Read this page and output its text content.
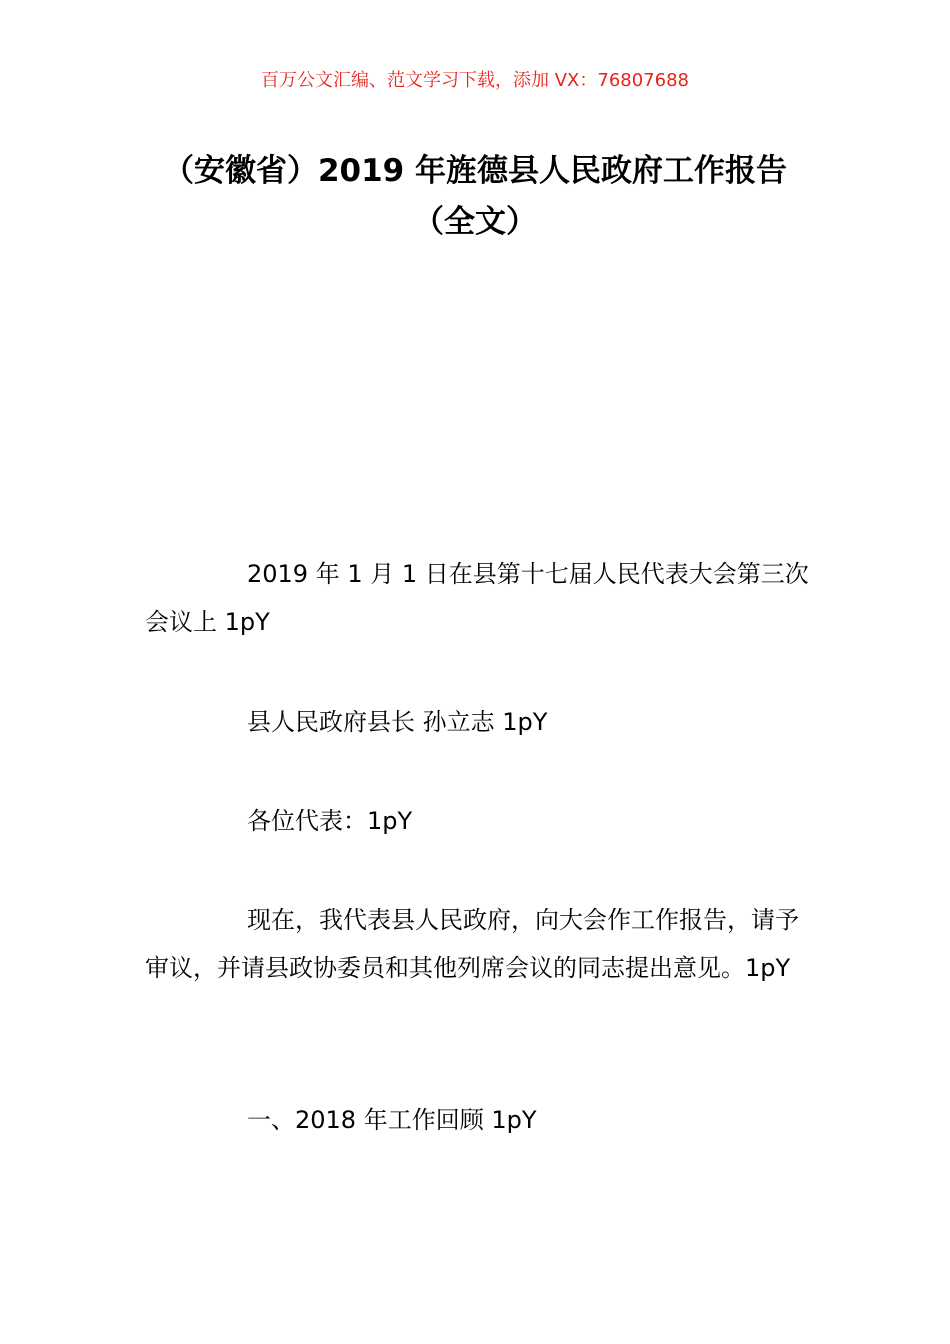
百万公文汇编、范文学习下载，添加 VX：76807688
（安徽省）2019 年旌德县人民政府工作报告（全文）

2019 年 1 月 1 日在县第十七届人民代表大会第三次会议上 1pY

县人民政府县长 孙立志 1pY

各位代表：1pY

现在，我代表县人民政府，向大会作工作报告，请予审议，并请县政协委员和其他列席会议的同志提出意见。1pY

一、2018 年工作回顾 1pY
